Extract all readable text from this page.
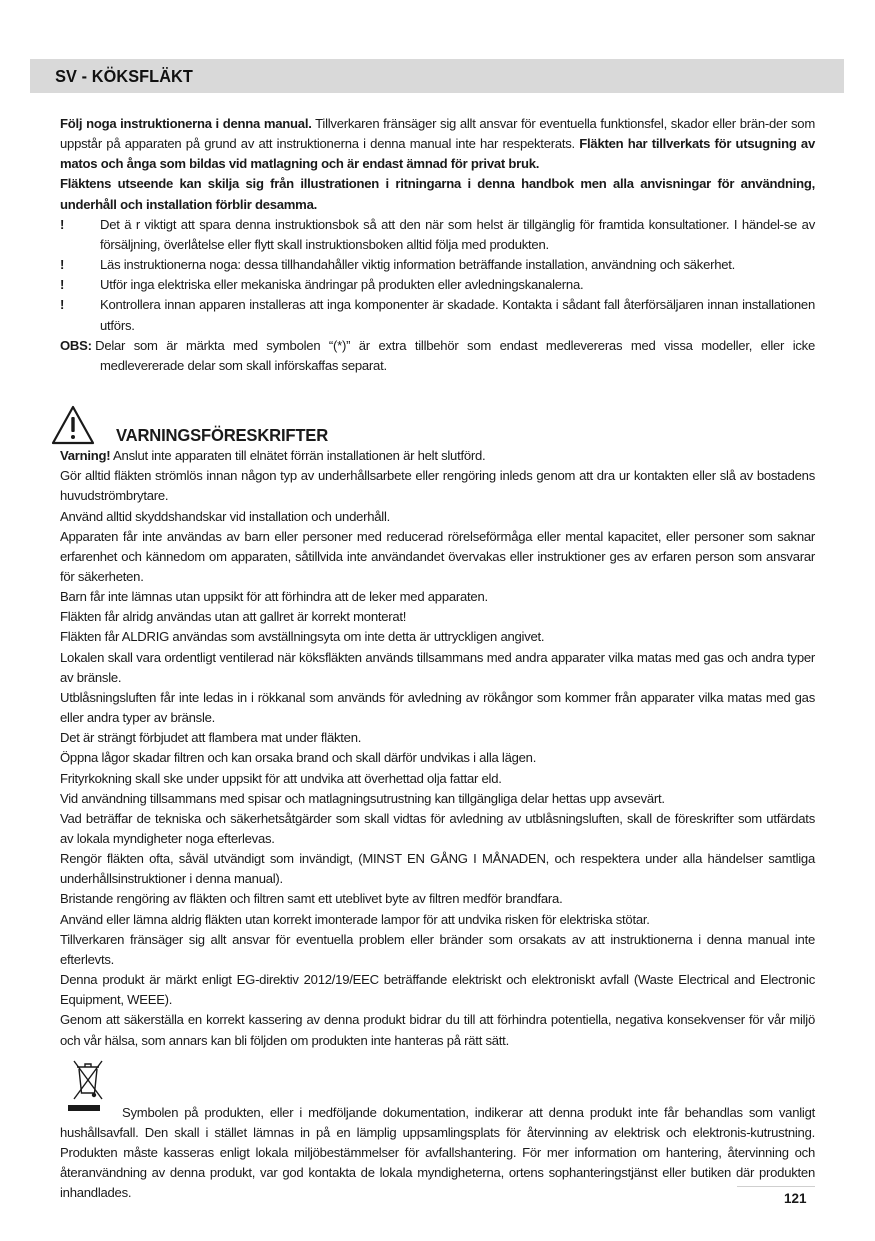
SV - KÖKSFLÄKT

Följ noga instruktionerna i denna manual. Tillverkaren fränsäger sig allt ansvar för eventuella funktionsfel, skador eller brän-der som uppstår på apparaten på grund av att instruktionerna i denna manual inte har respekterats. Fläkten har tillverkats för utsugning av matos och ånga som bildas vid matlagning och är endast ämnad för privat bruk.

Fläktens utseende kan skilja sig från illustrationen i ritningarna i denna handbok men alla anvisningar för användning, underhåll och installation förblir desamma.

!	Det ä r viktigt att spara denna instruktionsbok så att den när som helst är tillgänglig för framtida konsultationer. I händel-se av försäljning, överlåtelse eller flytt skall instruktionsboken alltid följa med produkten.
!	Läs instruktionerna noga: dessa tillhandahåller viktig information beträffande installation, användning och säkerhet.
!	Utför inga elektriska eller mekaniska ändringar på produkten eller avledningskanalerna.
!	Kontrollera innan apparen installeras att inga komponenter är skadade. Kontakta i sådant fall återförsäljaren innan installationen utförs.
OBS:
Delar som är märkta med symbolen “(*)” är extra tillbehör som endast medlevereras med vissa modeller, eller icke

medlevererade delar som skall införskaffas separat.

VARNINGSFÖRESKRIFTER

Varning! Anslut inte apparaten till elnätet förrän installationen är helt slutförd.

Gör alltid fläkten strömlös innan någon typ av underhållsarbete eller rengöring inleds genom att dra ur kontakten eller slå av bostadens huvudströmbrytare.

Använd alltid skyddshandskar vid installation och underhåll.

Apparaten får inte användas av barn eller personer med reducerad rörelseförmåga eller mental kapacitet, eller personer som saknar erfarenhet och kännedom om apparaten, såtillvida inte användandet övervakas eller instruktioner ges av erfaren person som ansvarar för säkerheten.

Barn får inte lämnas utan uppsikt för att förhindra att de leker med apparaten.

Fläkten får alridg användas utan att gallret är korrekt monterat!

Fläkten får ALDRIG användas som avställningsyta om inte detta är uttryckligen angivet.

Lokalen skall vara ordentligt ventilerad när köksfläkten används tillsammans med andra apparater vilka matas med gas och andra typer av bränsle.

Utblåsningsluften får inte ledas in i rökkanal som används för avledning av rökångor som kommer från apparater vilka matas med gas eller andra typer av bränsle.

Det är strängt förbjudet att flambera mat under fläkten.

Öppna lågor skadar filtren och kan orsaka brand och skall därför undvikas i alla lägen.

Frityrkokning skall ske under uppsikt för att undvika att överhettad olja fattar eld.

Vid användning tillsammans med spisar och matlagningsutrustning kan tillgängliga delar hettas upp avsevärt.

Vad beträffar de tekniska och säkerhetsåtgärder som skall vidtas för avledning av utblåsningsluften, skall de föreskrifter som utfärdats av lokala myndigheter noga efterlevas.

Rengör fläkten ofta, såväl utvändigt som invändigt, (MINST EN GÅNG I MÅNADEN, och respektera under alla händelser samtliga underhållsinstruktioner i denna manual).

Bristande rengöring av fläkten och filtren samt ett uteblivet byte av filtren medför brandfara.

Använd eller lämna aldrig fläkten utan korrekt imonterade lampor för att undvika risken för elektriska stötar.

Tillverkaren fränsäger sig allt ansvar för eventuella problem eller bränder som orsakats av att instruktionerna i denna manual inte efterlevts.

Denna produkt är märkt enligt EG-direktiv 2012/19/EEC beträffande elektriskt och elektroniskt avfall (Waste Electrical and Electronic Equipment, WEEE).

Genom att säkerställa en korrekt kassering av denna produkt bidrar du till att förhindra potentiella, negativa konsekvenser för vår miljö och vår hälsa, som annars kan bli följden om produkten inte hanteras på rätt sätt.

Symbolen på produkten, eller i medföljande dokumentation, indikerar att denna produkt inte får behandlas som vanligt hushållsavfall. Den skall i stället lämnas in på en lämplig uppsamlingsplats för återvinning av elektrisk och elektronis-kutrustning. Produkten måste kasseras enligt lokala miljöbestämmelser för avfallshantering. För mer information om hantering, återvinning och återanvändning av denna produkt, var god kontakta de lokala myndigheterna, ortens sophanteringstjänst eller butiken där produkten inhandlades.	121
